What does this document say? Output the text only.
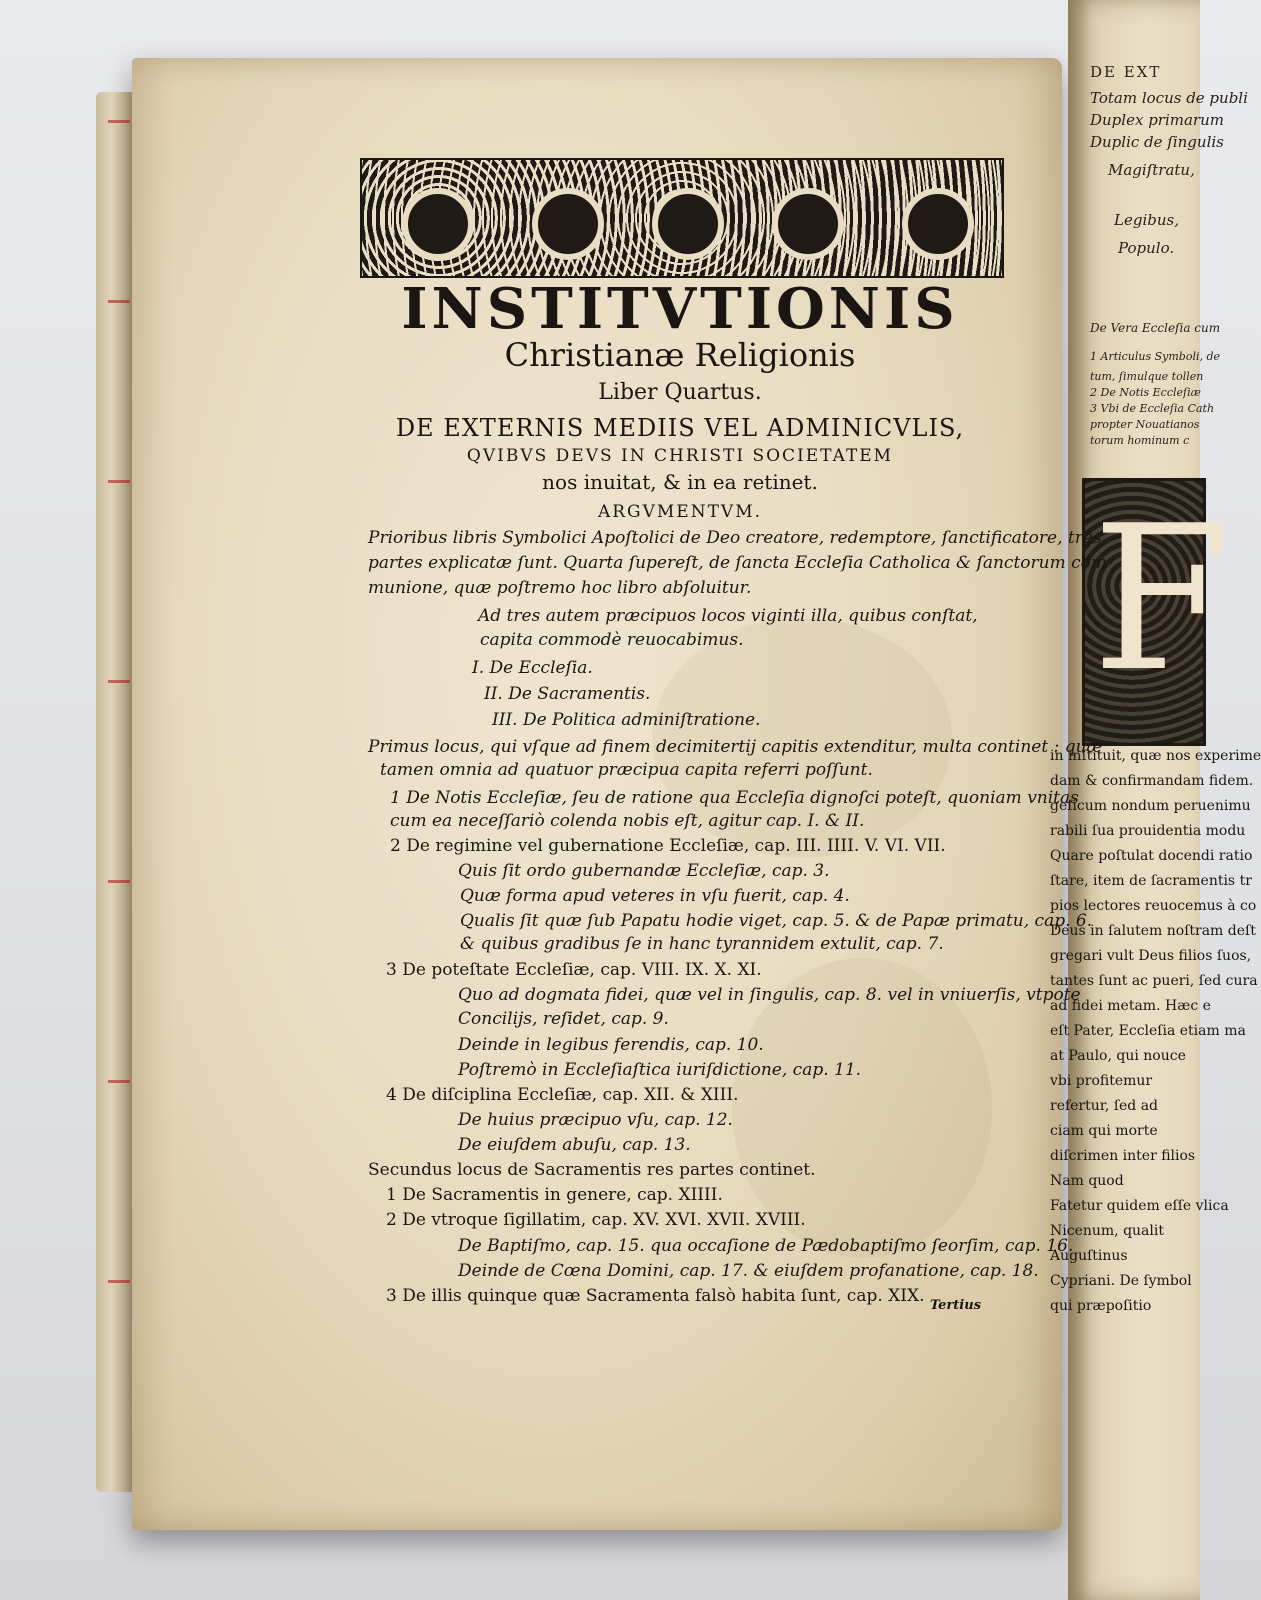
DE EXT
Totam locus de publi
Duplex primarum
Duplic de ſingulis
Magiſtratu,
Legibus,
Populo.
De Vera Eccleſia cum
1 Articulus Symboli, de
tum, ſimulque tollen
2 De Notis Eccleſiæ
3 Vbi de Eccleſia Cath
propter Nouatianos
torum hominum c
F
in inſtituit, quæ nos experime
dam & confirmandam fidem.
geſicum nondum peruenimu
rabili ſua prouidentia modu
Quare poſtulat docendi ratio
ſtare, item de ſacramentis tr
pios lectores reuocemus à co
Deus in ſalutem noſtram deſt
gregari vult Deus filios ſuos,
tantes ſunt ac pueri, ſed cura
ad fidei metam. Hæc e
eſt Pater, Eccleſia etiam ma
at Paulo, qui nouce
vbi profitemur
refertur, ſed ad
ciam qui morte
diſcrimen inter filios
Nam quod
Fatetur quidem eſſe vlica
Nicenum, qualit
Auguſtinus
Cypriani. De ſymbol
qui præpoſitio
INSTITVTIONIS
Christianæ Religionis
Liber Quartus.
DE EXTERNIS MEDIIS VEL ADMINICVLIS,
QVIBVS DEVS IN CHRISTI SOCIETATEM
nos inuitat, & in ea retinet.
ARGVMENTVM.
Prioribus libris Symbolici Apoſtolici de Deo creatore, redemptore, ſanctificatore, tres
partes explicatæ ſunt. Quarta ſupereſt, de ſancta Eccleſia Catholica & ſanctorum com-
munione, quæ poſtremo hoc libro abſoluitur.
Ad tres autem præcipuos locos viginti illa, quibus conſtat,
capita commodè reuocabimus.
I. De Eccleſia.
II. De Sacramentis.
III. De Politica adminiſtratione.
Primus locus, qui vſque ad finem decimitertij capitis extenditur, multa continet : quæ
tamen omnia ad quatuor præcipua capita referri poſſunt.
1 De Notis Eccleſiæ, ſeu de ratione qua Eccleſia dignoſci poteſt, quoniam vnitas
cum ea neceſſariò colenda nobis eſt, agitur cap. I. & II.
2 De regimine vel gubernatione Eccleſiæ, cap. III. IIII. V. VI. VII.
Quis ſit ordo gubernandæ Eccleſiæ, cap. 3.
Quæ forma apud veteres in vſu fuerit, cap. 4.
Qualis ſit quæ ſub Papatu hodie viget, cap. 5. & de Papæ primatu, cap. 6.
& quibus gradibus ſe in hanc tyrannidem extulit, cap. 7.
3 De poteſtate Eccleſiæ, cap. VIII. IX. X. XI.
Quo ad dogmata fidei, quæ vel in ſingulis, cap. 8. vel in vniuerſis, vtpote
Concilijs, reſidet, cap. 9.
Deinde in legibus ferendis, cap. 10.
Poſtremò in Eccleſiaſtica iuriſdictione, cap. 11.
4 De diſciplina Eccleſiæ, cap. XII. & XIII.
De huius præcipuo vſu, cap. 12.
De eiuſdem abuſu, cap. 13.
Secundus locus de Sacramentis res partes continet.
1 De Sacramentis in genere, cap. XIIII.
2 De vtroque ſigillatim, cap. XV. XVI. XVII. XVIII.
De Baptiſmo, cap. 15. qua occaſione de Pædobaptiſmo ſeorſim, cap. 16.
Deinde de Cœna Domini, cap. 17. & eiuſdem profanatione, cap. 18.
3 De illis quinque quæ Sacramenta falsò habita ſunt, cap. XIX. Tertius
